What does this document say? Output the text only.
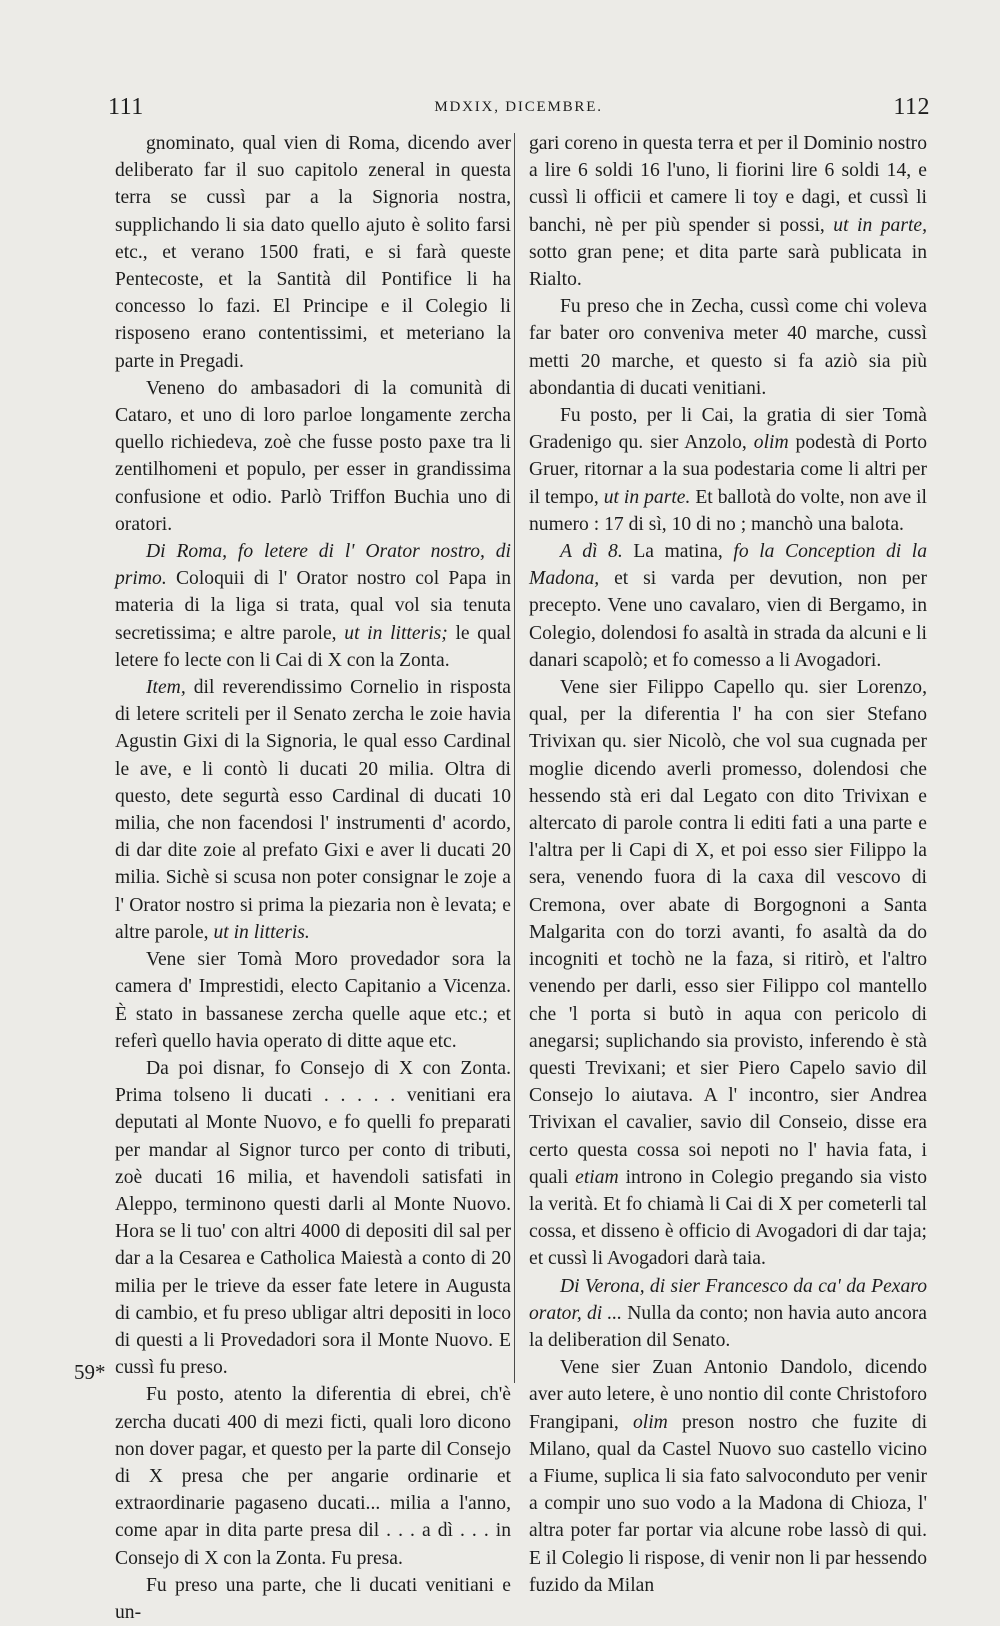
111	MDXIX, DICEMBRE.	112
59*

gnominato, qual vien di Roma, dicendo aver deliberato far il suo capitolo zeneral in questa terra se cussì par a la Signoria nostra, supplichando li sia dato quello ajuto è solito farsi etc., et verano 1500 frati, e si farà queste Pentecoste, et la Santità dil Pontifice li ha concesso lo fazi. El Principe e il Colegio li risposeno erano contentissimi, et meteriano la parte in Pregadi.

Veneno do ambasadori di la comunità di Cataro, et uno di loro parloe longamente zercha quello richiedeva, zoè che fusse posto paxe tra li zentilhomeni et populo, per esser in grandissima confusione et odio. Parlò Triffon Buchia uno di oratori.

Di Roma, fo letere di l' Orator nostro, di primo. Coloquii di l' Orator nostro col Papa in materia di la liga si trata, qual vol sia tenuta secretissima; e altre parole, ut in litteris; le qual letere fo lecte con li Cai di X con la Zonta.

Item, dil reverendissimo Cornelio in risposta di letere scriteli per il Senato zercha le zoie havia Agustin Gixi di la Signoria, le qual esso Cardinal le ave, e li contò li ducati 20 milia. Oltra di questo, dete segurtà esso Cardinal di ducati 10 milia, che non facendosi l' instrumenti d' acordo, di dar dite zoie al prefato Gixi e aver li ducati 20 milia. Sichè si scusa non poter consignar le zoje a l' Orator nostro si prima la piezaria non è levata; e altre parole, ut in litteris.

Vene sier Tomà Moro provedador sora la camera d' Imprestidi, electo Capitanio a Vicenza. È stato in bassanese zercha quelle aque etc.; et referì quello havia operato di ditte aque etc.

Da poi disnar, fo Consejo di X con Zonta. Prima tolseno li ducati . . . . . venitiani era deputati al Monte Nuovo, e fo quelli fo preparati per mandar al Signor turco per conto di tributi, zoè ducati 16 milia, et havendoli satisfati in Aleppo, terminono questi darli al Monte Nuovo. Hora se li tuo' con altri 4000 di depositi dil sal per dar a la Cesarea e Catholica Maiestà a conto di 20 milia per le trieve da esser fate letere in Augusta di cambio, et fu preso ubligar altri depositi in loco di questi a li Provedadori sora il Monte Nuovo. E cussì fu preso.

Fu posto, atento la diferentia di ebrei, ch'è zercha ducati 400 di mezi ficti, quali loro dicono non dover pagar, et questo per la parte dil Consejo di X presa che per angarie ordinarie et extraordinarie pagaseno ducati... milia a l'anno, come apar in dita parte presa dil . . . a dì . . . in Consejo di X con la Zonta. Fu presa.

Fu preso una parte, che li ducati venitiani e un-

gari coreno in questa terra et per il Dominio nostro a lire 6 soldi 16 l'uno, li fiorini lire 6 soldi 14, e cussì li officii et camere li toy e dagi, et cussì li banchi, nè per più spender si possi, ut in parte, sotto gran pene; et dita parte sarà publicata in Rialto.

Fu preso che in Zecha, cussì come chi voleva far bater oro conveniva meter 40 marche, cussì metti 20 marche, et questo si fa aziò sia più abondantia di ducati venitiani.

Fu posto, per li Cai, la gratia di sier Tomà Gradenigo qu. sier Anzolo, olim podestà di Porto Gruer, ritornar a la sua podestaria come li altri per il tempo, ut in parte. Et ballotà do volte, non ave il numero : 17 di sì, 10 di no ; manchò una balota.

A dì 8. La matina, fo la Conception di la Madona, et si varda per devution, non per precepto. Vene uno cavalaro, vien di Bergamo, in Colegio, dolendosi fo asaltà in strada da alcuni e li danari scapolò; et fo comesso a li Avogadori.

Vene sier Filippo Capello qu. sier Lorenzo, qual, per la diferentia l' ha con sier Stefano Trivixan qu. sier Nicolò, che vol sua cugnada per moglie dicendo averli promesso, dolendosi che hessendo stà eri dal Legato con dito Trivixan e altercato di parole contra li editi fati a una parte e l'altra per li Capi di X, et poi esso sier Filippo la sera, venendo fuora di la caxa dil vescovo di Cremona, over abate di Borgognoni a Santa Malgarita con do torzi avanti, fo asaltà da do incogniti et tochò ne la faza, si ritirò, et l'altro venendo per darli, esso sier Filippo col mantello che 'l porta si butò in aqua con pericolo di anegarsi; suplichando sia provisto, inferendo è stà questi Trevixani; et sier Piero Capelo savio dil Consejo lo aiutava. A l' incontro, sier Andrea Trivixan el cavalier, savio dil Conseio, disse era certo questa cossa soi nepoti no l' havia fata, i quali etiam introno in Colegio pregando sia visto la verità. Et fo chiamà li Cai di X per cometerli tal cossa, et disseno è officio di Avogadori di dar taja; et cussì li Avogadori darà taia.

Di Verona, di sier Francesco da ca' da Pexaro orator, di ... Nulla da conto; non havia auto ancora la deliberation dil Senato.

Vene sier Zuan Antonio Dandolo, dicendo aver auto letere, è uno nontio dil conte Christoforo Frangipani, olim preson nostro che fuzite di Milano, qual da Castel Nuovo suo castello vicino a Fiume, suplica li sia fato salvoconduto per venir a compir uno suo vodo a la Madona di Chioza, l' altra poter far portar via alcune robe lassò di qui. E il Colegio li rispose, di venir non li par hessendo fuzido da Milan
